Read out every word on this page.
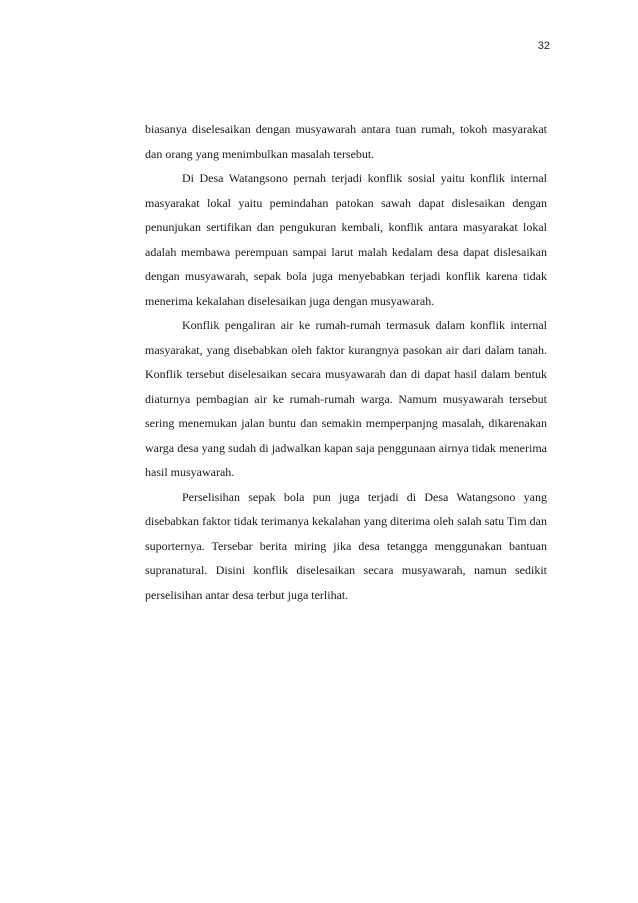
32

biasanya diselesaikan dengan musyawarah antara tuan rumah, tokoh masyarakat dan orang yang menimbulkan masalah tersebut.

Di Desa Watangsono pernah terjadi konflik sosial yaitu konflik internal masyarakat lokal yaitu pemindahan patokan sawah dapat dislesaikan dengan penunjukan sertifikan dan pengukuran kembali, konflik antara masyarakat lokal adalah membawa perempuan sampai larut malah kedalam desa dapat dislesaikan dengan musyawarah, sepak bola juga menyebabkan terjadi konflik karena tidak menerima kekalahan diselesaikan juga dengan musyawarah.

Konflik pengaliran air ke rumah-rumah termasuk dalam konflik internal masyarakat, yang disebabkan oleh faktor kurangnya pasokan air dari dalam tanah. Konflik tersebut diselesaikan secara musyawarah dan di dapat hasil dalam bentuk diaturnya pembagian air ke rumah-rumah warga. Namum musyawarah tersebut sering menemukan jalan buntu dan semakin memperpanjng masalah, dikarenakan warga desa yang sudah di jadwalkan kapan saja penggunaan airnya tidak menerima hasil musyawarah.

Perselisihan sepak bola pun juga terjadi di Desa Watangsono yang disebabkan faktor tidak terimanya kekalahan yang diterima oleh salah satu Tim dan suporternya. Tersebar berita miring jika desa tetangga menggunakan bantuan supranatural. Disini konflik diselesaikan secara musyawarah, namun sedikit perselisihan antar desa terbut juga terlihat.
